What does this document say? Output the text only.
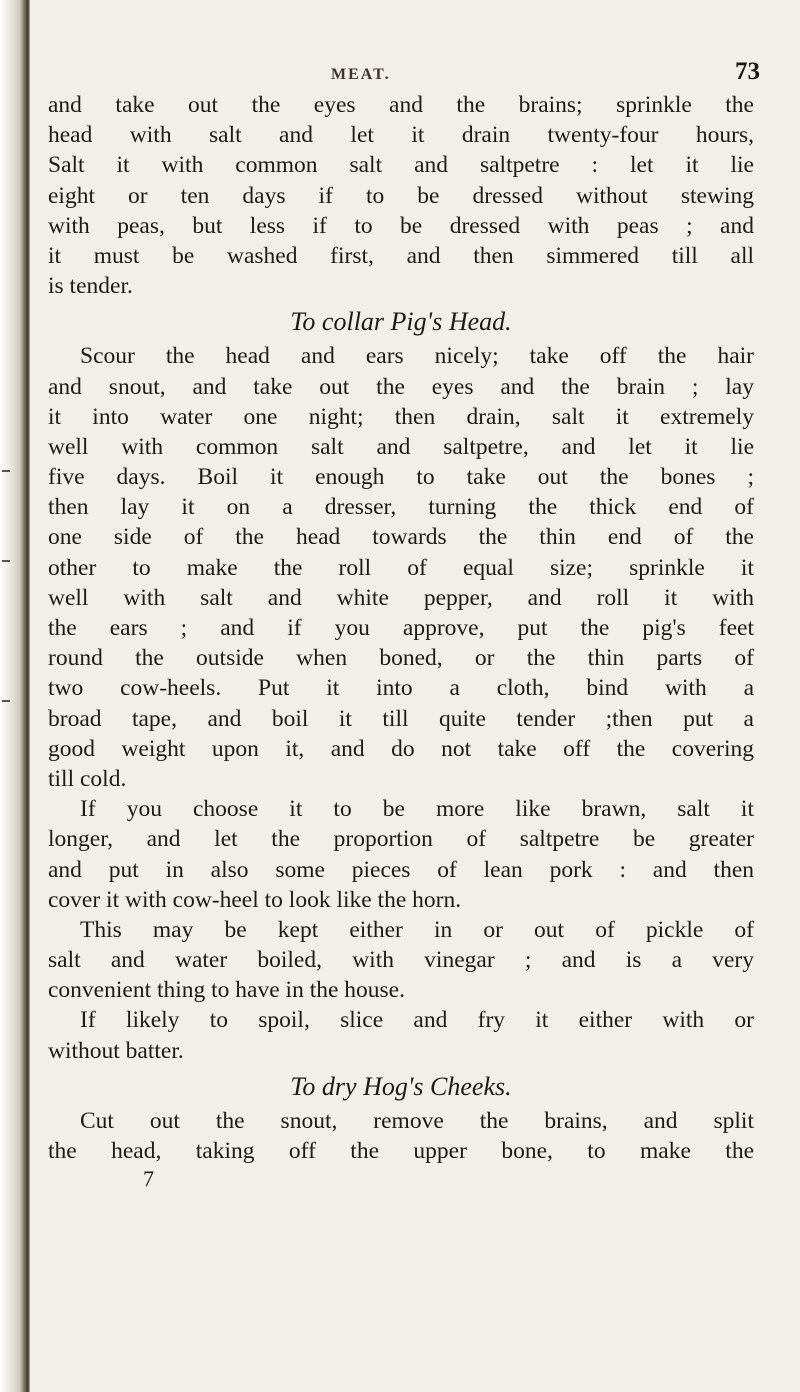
MEAT.	73
and take out the eyes and the brains; sprinkle the
head with salt and let it drain twenty-four hours,
Salt it with common salt and saltpetre : let it lie
eight or ten days if to be dressed without stewing
with peas, but less if to be dressed with peas ; and
it must be washed first, and then simmered till all
is tender.
To collar Pig's Head.
Scour the head and ears nicely; take off the hair
and snout, and take out the eyes and the brain ; lay
it into water one night; then drain, salt it extremely
well with common salt and saltpetre, and let it lie
five days. Boil it enough to take out the bones ;
then lay it on a dresser, turning the thick end of
one side of the head towards the thin end of the
other to make the roll of equal size; sprinkle it
well with salt and white pepper, and roll it with
the ears ; and if you approve, put the pig's feet
round the outside when boned, or the thin parts of
two cow-heels. Put it into a cloth, bind with a
broad tape, and boil it till quite tender ;then put a
good weight upon it, and do not take off the covering
till cold.
If you choose it to be more like brawn, salt it
longer, and let the proportion of saltpetre be greater
and put in also some pieces of lean pork : and then
cover it with cow-heel to look like the horn.
This may be kept either in or out of pickle of
salt and water boiled, with vinegar ; and is a very
convenient thing to have in the house.
If likely to spoil, slice and fry it either with or
without batter.
To dry Hog's Cheeks.
Cut out the snout, remove the brains, and split
the head, taking off the upper bone, to make the
7
